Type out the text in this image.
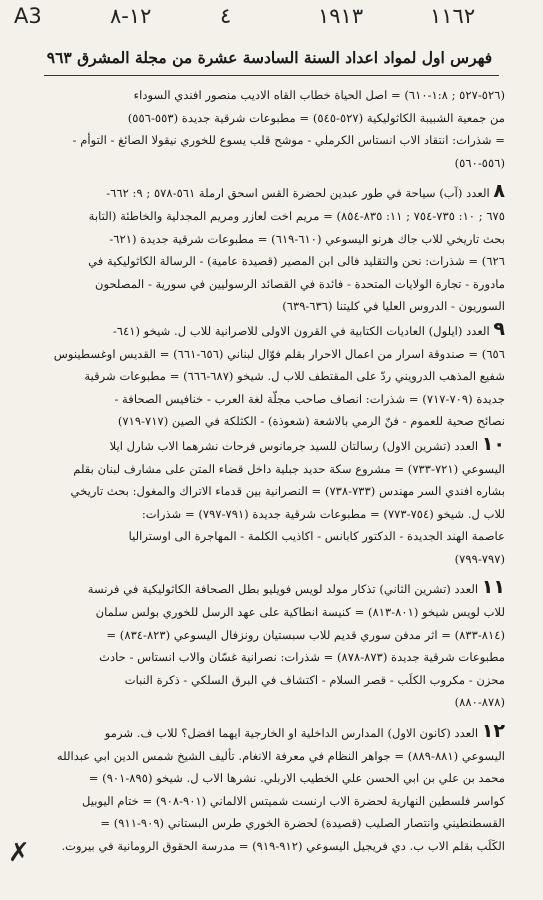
A3	١٢-٨	٤	١٩١٣	١١٦٢
فهرس اول لمواد اعداد السنة السادسة عشرة من مجلة المشرق ٩٦٣

(٥٢٦-٥٢٧ ; ١:٨-٦١٠) = اصل الحياة خطاب القاه الاديب منصور افندي السوداء

من جمعية الشبيبة الكاثوليكية (٥٢٧-٥٤٥) = مطبوعات شرقية جديدة (٥٥٣-٥٥٦)

= شذرات: انتقاد الاب انستاس الكرملي - موشح قلب يسوع للخوري نيقولا الصائغ - التوأم -

(٥٥٦-٥٦٠)

٨ العدد (آب) سياحة في طور عبدين لحضرة القس اسحق ارملة ٥٦١-٥٧٨ ; ٩: ٦٦٢-

٦٧٥ ; ١٠: ٧٣٥-٧٥٤ ; ١١: ٨٣٥-٨٥٤) = مريم اخت لعازر ومريم المجدلية والخاطئة (التابة

بحث تاريخي للاب جاك هرنو اليسوعي (٦١٠-٦١٩) = مطبوعات شرقية جديدة (٦٢١-

٦٢٦) = شذرات: نحن والتقليد فالى ابن المصير (قصيدة عامية) - الرسالة الكاثوليكية في

مادورة - تجارة الولايات المتحدة - فائدة في القصائد الرسوليين في سورية - المصلحون

السوريون - الدروس العليا في كليتنا (٦٣٦-٦٣٩)

٩ العدد (ايلول) العاديات الكتابية في القرون الاولى للاصرانية للاب ل. شيخو (٦٤١-

٦٥٦) = صندوقة اسرار من اعمال الاحرار بقلم فوّال لبناني (٦٥٦-٦٦١) = القديس اوغسطينوس

شفيع المذهب الدرويني ردّ على المقتطف للاب ل. شيخو (٦٨٧-٦٦٦) = مطبوعات شرقية

جديدة (٧٠٩-٧١٧) = شذرات: انصاف صاحب مجلّة لغة العرب - خنافيس الصحافة -

نصائح صحية للعموم - فنّ الرمي بالاشعة (شعوذة) - الكثلكة في الصين (٧١٧-٧١٩)

١٠ العدد (تشرين الاول) رسالتان للسيد جرمانوس فرحات نشرهما الاب شارل ايلا

اليسوعي (٧٢١-٧٣٣) = مشروع سكة حديد جبلية داخل قضاء المتن على مشارف لبنان بقلم

بشاره افندي السر مهندس (٧٣٣-٧٣٨) = النصرانية بين قدماء الاتراك والمغول: بحث تاريخي

للاب ل. شيخو (٧٥٤-٧٧٣) = مطبوعات شرقية جديدة (٧٩١-٧٩٧) = شذرات:

عاصمة الهند الجديدة - الدكتور كابانس - اكاذيب الكلمة - المهاجرة الى اوستراليا

(٧٩٧-٧٩٩)

١١ العدد (تشرين الثاني) تذكار مولد لويس فويليو بطل الصحافة الكاثوليكية في فرنسة

للاب لويس شيخو (٨٠١-٨١٣) = كنيسة انطاكية على عهد الرسل للخوري بولس سلمان

(٨١٤-٨٣٣) = اثر مدفن سوري قديم للاب سبستيان رونزفال اليسوعي (٨٢٣-٨٣٤) =

مطبوعات شرقية جديدة (٨٧٣-٨٧٨) = شذرات: نصرانية غسّان والاب انستاس - حادث

محزن - مكروب الكلَب - قصر السلام - اكتشاف في البرق السلكي - ذكرة النبات

(٨٧٨-٨٨٠)

١٢ العدد (كانون الاول) المدارس الداخلية او الخارجية ايهما افضل؟ للاب ف. شرمو

اليسوعي (٨٨١-٨٨٩) = جواهر النظام في معرفة الانغام. تأليف الشيخ شمس الدين ابي عبدالله

محمد بن علي بن ابي الحسن علي الخطيب الاربلي. نشرها الاب ل. شيخو (٨٩٥-٩٠١) =

كواسر فلسطين النهارية لحضرة الاب ارنست شميتس الالماني (٩٠١-٩٠٨) = ختام اليوبيل

القسطنطيني وانتصار الصليب (قصيدة) لحضرة الخوري طرس البستاني (٩٠٩-٩١١) =

الكَلَب بقلم الاب ب. دي فريجيل اليسوعي (٩١٢-٩١٩) = مدرسة الحقوق الرومانية في بيروت.

✗
